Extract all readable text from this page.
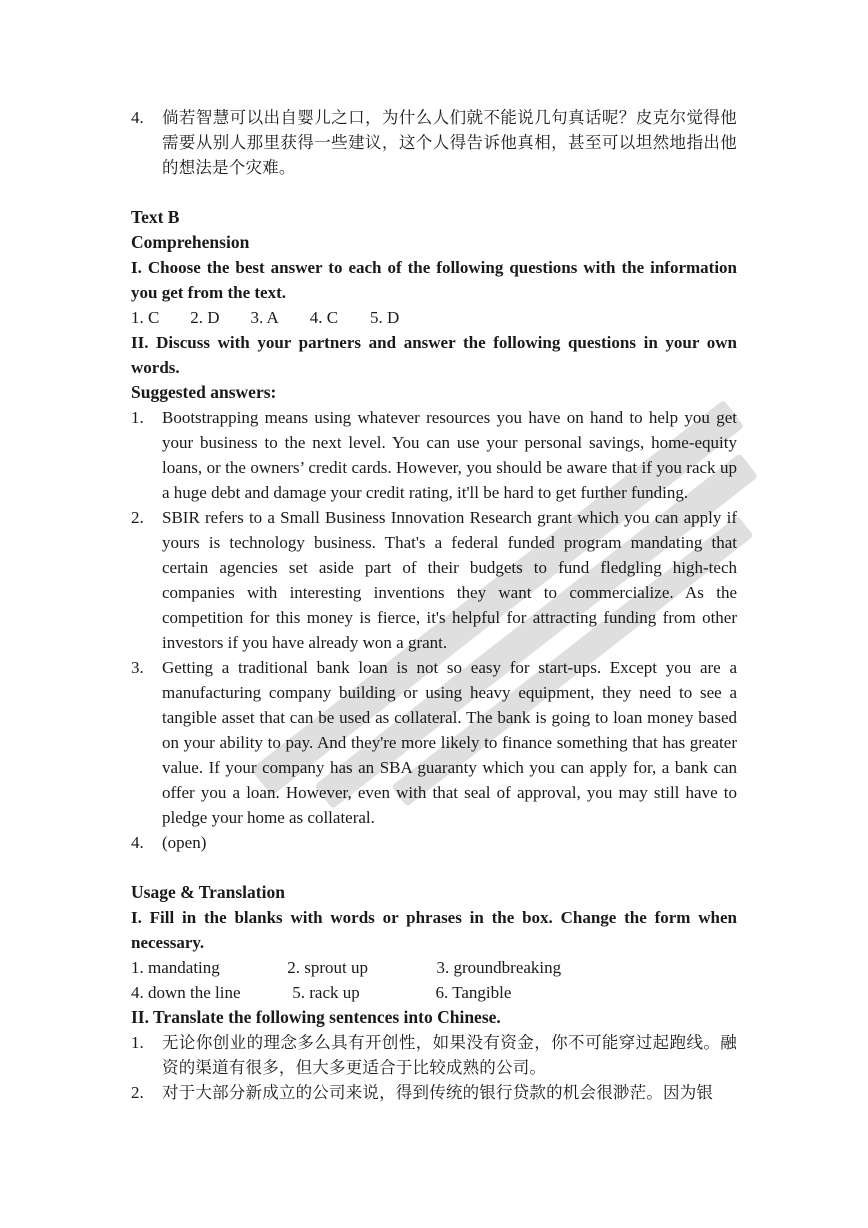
4. 倘若智慧可以出自婴儿之口，为什么人们就不能说几句真话呢？皮克尔觉得他需要从别人那里获得一些建议，这个人得告诉他真相，甚至可以坦然地指出他的想法是个灾难。
Text B
Comprehension
I. Choose the best answer to each of the following questions with the information you get from the text.
1. C 2. D 3. A 4. C 5. D
II. Discuss with your partners and answer the following questions in your own words.
Suggested answers:
1. Bootstrapping means using whatever resources you have on hand to help you get your business to the next level. You can use your personal savings, home-equity loans, or the owners’ credit cards. However, you should be aware that if you rack up a huge debt and damage your credit rating, it'll be hard to get further funding.
2. SBIR refers to a Small Business Innovation Research grant which you can apply if yours is technology business. That's a federal funded program mandating that certain agencies set aside part of their budgets to fund fledgling high-tech companies with interesting inventions they want to commercialize. As the competition for this money is fierce, it's helpful for attracting funding from other investors if you have already won a grant.
3. Getting a traditional bank loan is not so easy for start-ups. Except you are a manufacturing company building or using heavy equipment, they need to see a tangible asset that can be used as collateral. The bank is going to loan money based on your ability to pay. And they're more likely to finance something that has greater value. If your company has an SBA guaranty which you can apply for, a bank can offer you a loan. However, even with that seal of approval, you may still have to pledge your home as collateral.
4. (open)
Usage & Translation
I. Fill in the blanks with words or phrases in the box. Change the form when necessary.
1. mandating	2. sprout up	3. groundbreaking
4. down the line	5. rack up	6. Tangible
II. Translate the following sentences into Chinese.
1. 无论你创业的理念多么具有开创性，如果没有资金，你不可能穿过起跑线。融资的渠道有很多，但大多更适合于比较成熟的公司。
2. 对于大部分新成立的公司来说，得到传统的银行贷款的机会很渺茫。因为银
